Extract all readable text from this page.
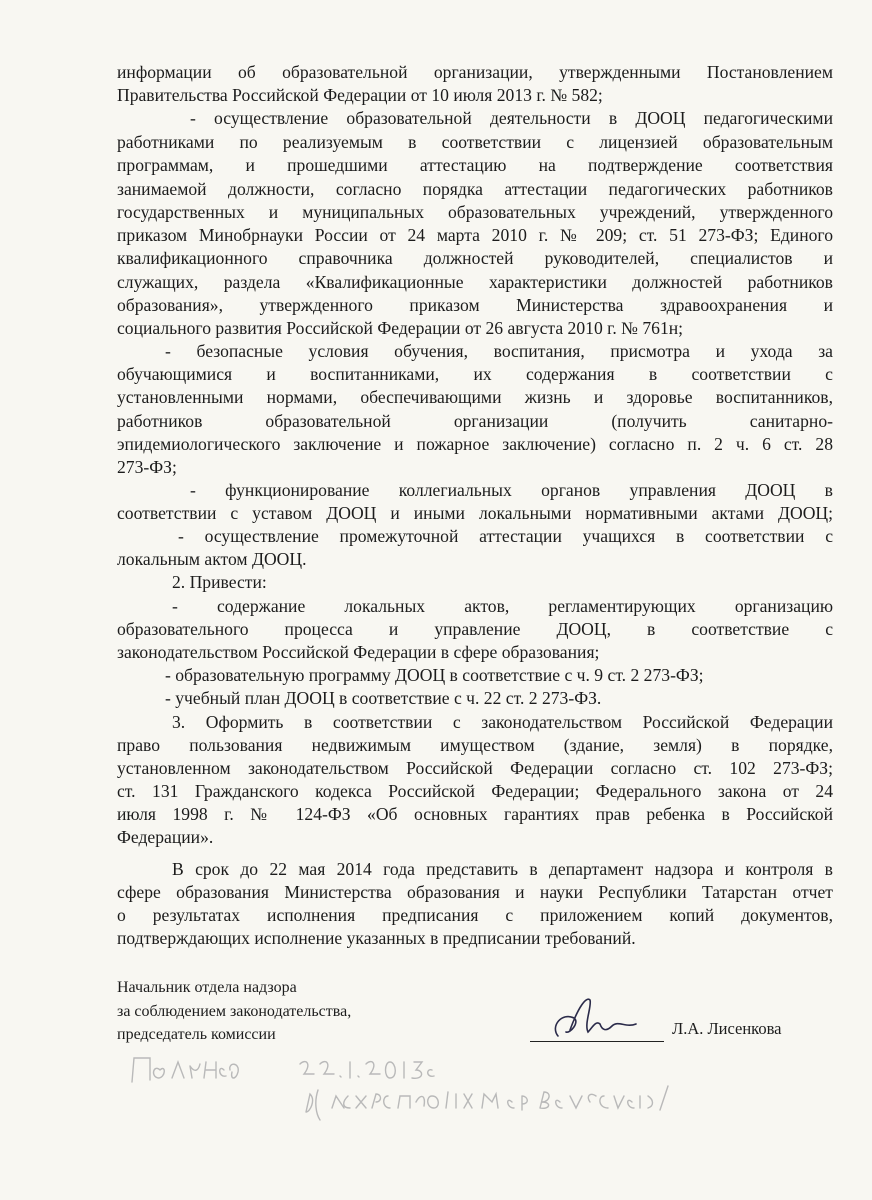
информации об образовательной организации, утвержденными Постановлением
Правительства Российской Федерации от 10 июля 2013 г. № 582;
- осуществление образовательной деятельности в ДООЦ педагогическими
работниками по реализуемым в соответствии с лицензией образовательным
программам, и прошедшими аттестацию на подтверждение соответствия
занимаемой должности, согласно порядка аттестации педагогических работников
государственных и муниципальных образовательных учреждений, утвержденного
приказом Минобрнауки России от 24 марта 2010 г. № 209; ст. 51 273-ФЗ; Единого
квалификационного справочника должностей руководителей, специалистов и
служащих, раздела «Квалификационные характеристики должностей работников
образования», утвержденного приказом Министерства здравоохранения и
социального развития Российской Федерации от 26 августа 2010 г. № 761н;
- безопасные условия обучения, воспитания, присмотра и ухода за
обучающимися и воспитанниками, их содержания в соответствии с
установленными нормами, обеспечивающими жизнь и здоровье воспитанников,
работников образовательной организации (получить санитарно-
эпидемиологического заключение и пожарное заключение) согласно п. 2 ч. 6 ст. 28
273-ФЗ;
- функционирование коллегиальных органов управления ДООЦ в
соответствии с уставом ДООЦ и иными локальными нормативными актами ДООЦ;
- осуществление промежуточной аттестации учащихся в соответствии с
локальным актом ДООЦ.
2. Привести:
- содержание локальных актов, регламентирующих организацию
образовательного процесса и управление ДООЦ, в соответствие с
законодательством Российской Федерации в сфере образования;
- образовательную программу ДООЦ в соответствие с ч. 9 ст. 2 273-ФЗ;
- учебный план ДООЦ в соответствие с ч. 22 ст. 2 273-ФЗ.
3. Оформить в соответствии с законодательством Российской Федерации
право пользования недвижимым имуществом (здание, земля) в порядке,
установленном законодательством Российской Федерации согласно ст. 102 273-ФЗ;
ст. 131 Гражданского кодекса Российской Федерации; Федерального закона от 24
июля 1998 г. № 124-ФЗ «Об основных гарантиях прав ребенка в Российской
Федерации».
В срок до 22 мая 2014 года представить в департамент надзора и контроля в
сфере образования Министерства образования и науки Республики Татарстан отчет
о результатах исполнения предписания с приложением копий документов,
подтверждающих исполнение указанных в предписании требований.
Начальник отдела надзора
за соблюдением законодательства,
председатель комиссии	Л.А. Лисенкова
